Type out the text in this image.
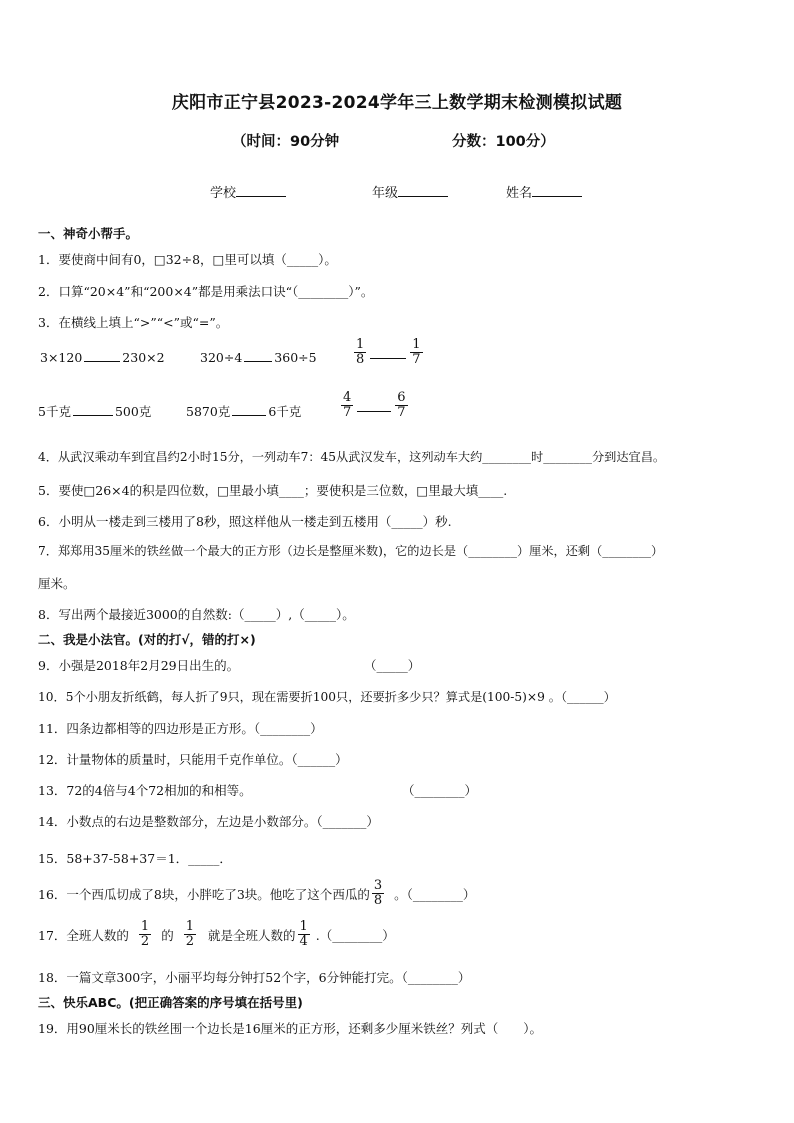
庆阳市正宁县2023-2024学年三上数学期末检测模拟试题
（时间：90分钟	分数：100分）
学校	年级	姓名
一、神奇小帮手。
1．要使商中间有0，□32÷8，□里可以填（_____）。
2．口算“20×4”和“200×4”都是用乘法口诀“（________）”。
3．在横线上填上“>”“<”或“=”。
3×120	230×2	320÷4	360÷5	$\frac{1}{8}$	$\frac{1}{7}$
5千克	500克	5870克	6千克	$\frac{4}{7}$	$\frac{6}{7}$
4．从武汉乘动车到宜昌约2小时15分，一列动车7：45从武汉发车，这列动车大约________时________分到达宜昌。
5．要使□26×4的积是四位数，□里最小填____；要使积是三位数，□里最大填____.
6．小明从一楼走到三楼用了8秒，照这样他从一楼走到五楼用（_____）秒.
7．郑郑用35厘米的铁丝做一个最大的正方形（边长是整厘米数)，它的边长是（________）厘米，还剩（________）
厘米。
8．写出两个最接近3000的自然数:（_____）,（_____）。
二、我是小法官。(对的打√，错的打×)
9．小强是2018年2月29日出生的。	（_____）
10．5个小朋友折纸鹤，每人折了9只，现在需要折100只，还要折多少只？算式是(100-5)×9 。（______）
11．四条边都相等的四边形是正方形。（________）
12．计量物体的质量时，只能用千克作单位。（______）
13．72的4倍与4个72相加的和相等。	（________）
14．小数点的右边是整数部分，左边是小数部分。（_______）
15．58+37-58+37＝1．_____．
16．一个西瓜切成了8块，小胖吃了3块。他吃了这个西瓜的 $\frac{3}{8}$ 。（________）
17．全班人数的 $\frac{1}{2}$ 的 $\frac{1}{2}$ 就是全班人数的 $\frac{1}{4}$ .（________）
18．一篇文章300字，小丽平均每分钟打52个字，6分钟能打完。（________）
三、快乐ABC。(把正确答案的序号填在括号里)
19．用90厘米长的铁丝围一个边长是16厘米的正方形，还剩多少厘米铁丝？列式（　　）。
